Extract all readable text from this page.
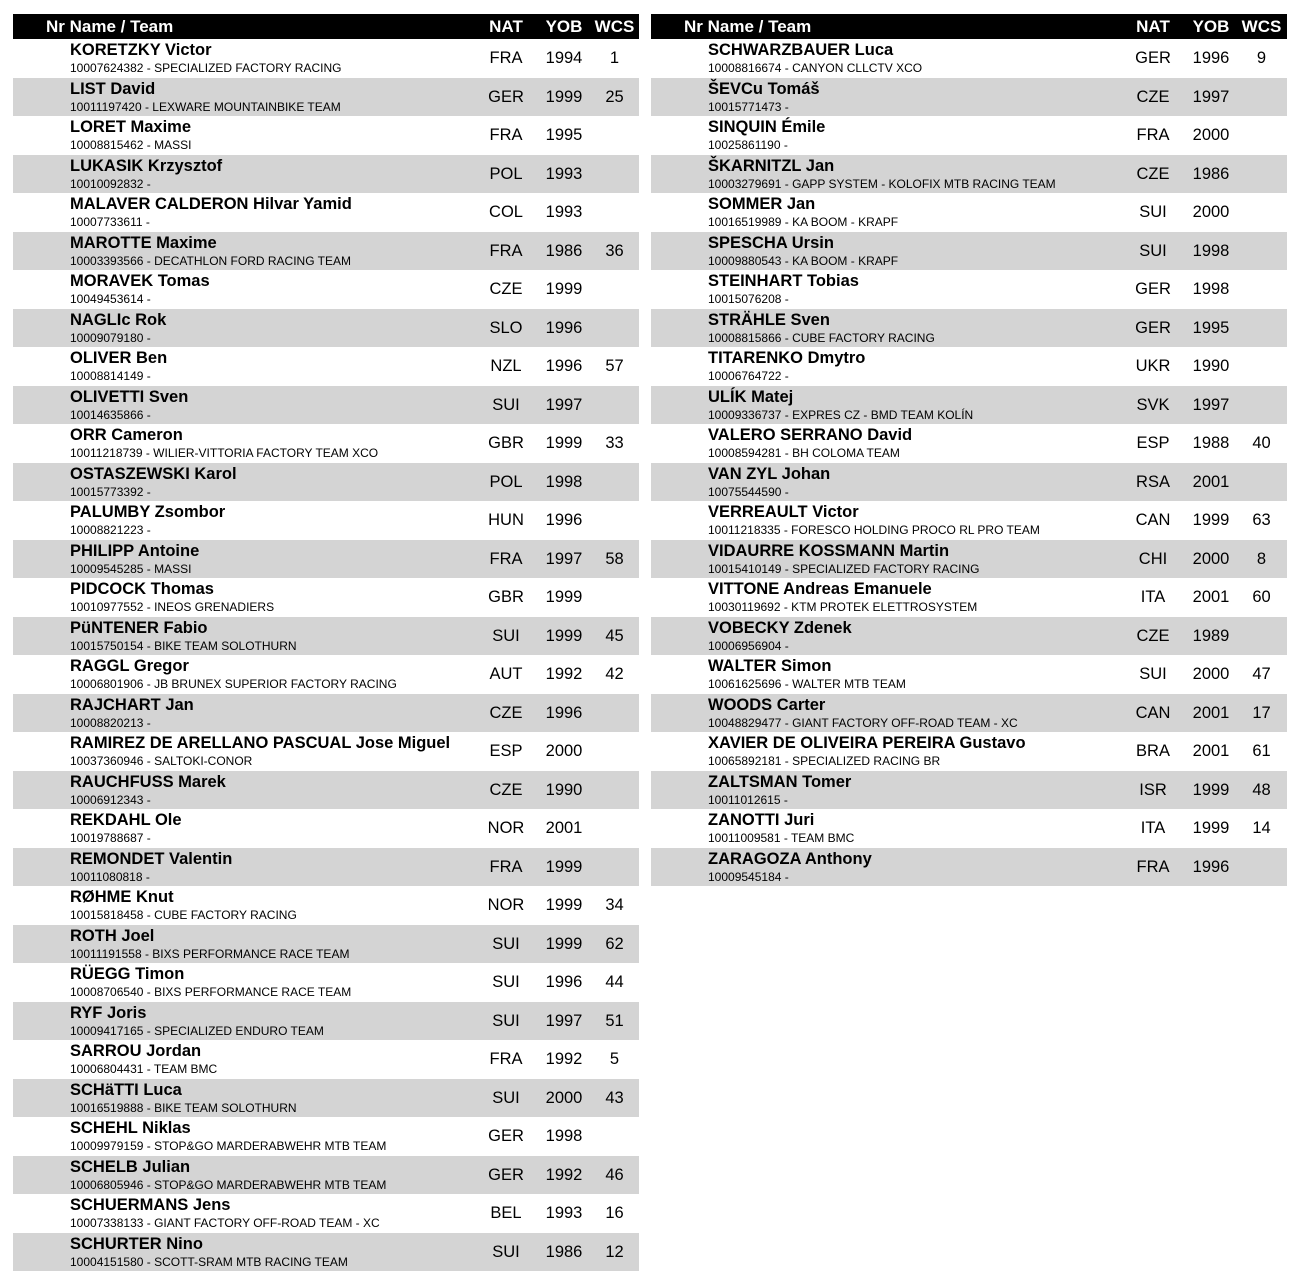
Nr Name / Team	NAT	YOB WCS
KORETZKY Victor
10007624382 - SPECIALIZED FACTORY RACING
FRA	1994	1
LIST David
10011197420 - LEXWARE MOUNTAINBIKE TEAM
GER	1999	25
LORET Maxime
10008815462 - MASSI
FRA	1995
LUKASIK Krzysztof
10010092832 -
POL	1993
MALAVER CALDERON Hilvar Yamid
10007733611 -
COL	1993
MAROTTE Maxime
10003393566 - DECATHLON FORD RACING TEAM
FRA	1986	36
MORAVEK Tomas
10049453614 -
CZE	1999
NAGLIc Rok
10009079180 -
SLO	1996
OLIVER Ben
10008814149 -
NZL	1996	57
OLIVETTI Sven
10014635866 -
SUI	1997
ORR Cameron
10011218739 - WILIER-VITTORIA FACTORY TEAM XCO
GBR	1999	33
OSTASZEWSKI Karol
10015773392 -
POL	1998
PALUMBY Zsombor
10008821223 -
HUN	1996
PHILIPP Antoine
10009545285 - MASSI
FRA	1997	58
PIDCOCK Thomas
10010977552 - INEOS GRENADIERS
GBR	1999
PüNTENER Fabio
10015750154 - BIKE TEAM SOLOTHURN
SUI	1999	45
RAGGL Gregor
10006801906 - JB BRUNEX SUPERIOR FACTORY RACING
AUT	1992	42
RAJCHART Jan
10008820213 -
CZE	1996
RAMIREZ DE ARELLANO PASCUAL Jose Miguel
10037360946 - SALTOKI-CONOR
ESP	2000
RAUCHFUSS Marek
10006912343 -
CZE	1990
REKDAHL Ole
10019788687 -
NOR	2001
REMONDET Valentin
10011080818 -
FRA	1999
RØHME Knut
10015818458 - CUBE FACTORY RACING
NOR	1999	34
ROTH Joel
10011191558 - BIXS PERFORMANCE RACE TEAM
SUI	1999	62
RÜEGG Timon
10008706540 - BIXS PERFORMANCE RACE TEAM
SUI	1996	44
RYF Joris
10009417165 - SPECIALIZED ENDURO TEAM
SUI	1997	51
SARROU Jordan
10006804431 - TEAM BMC
FRA	1992	5
SCHäTTI Luca
10016519888 - BIKE TEAM SOLOTHURN
SUI	2000	43
SCHEHL Niklas
10009979159 - STOP&GO MARDERABWEHR MTB TEAM
GER	1998
SCHELB Julian
10006805946 - STOP&GO MARDERABWEHR MTB TEAM
GER	1992	46
SCHUERMANS Jens
10007338133 - GIANT FACTORY OFF-ROAD TEAM - XC
BEL	1993	16
SCHURTER Nino
10004151580 - SCOTT-SRAM MTB RACING TEAM
SUI	1986	12
Nr Name / Team	NAT	YOB WCS
SCHWARZBAUER Luca
10008816674 - CANYON CLLCTV XCO
GER	1996	9
ŠEVCu Tomáš
10015771473 -
CZE	1997
SINQUIN Émile
10025861190 -
FRA	2000
ŠKARNITZL Jan
10003279691 - GAPP SYSTEM - KOLOFIX MTB RACING TEAM
CZE	1986
SOMMER Jan
10016519989 - KA BOOM - KRAPF
SUI	2000
SPESCHA Ursin
10009880543 - KA BOOM - KRAPF
SUI	1998
STEINHART Tobias
10015076208 -
GER	1998
STRÄHLE Sven
10008815866 - CUBE FACTORY RACING
GER	1995
TITARENKO Dmytro
10006764722 -
UKR	1990
ULÍK Matej
10009336737 - EXPRES CZ - BMD TEAM KOLÍN
SVK	1997
VALERO SERRANO David
10008594281 - BH COLOMA TEAM
ESP	1988	40
VAN ZYL Johan
10075544590 -
RSA	2001
VERREAULT Victor
10011218335 - FORESCO HOLDING PROCO RL PRO TEAM
CAN	1999	63
VIDAURRE KOSSMANN Martin
10015410149 - SPECIALIZED FACTORY RACING
CHI	2000	8
VITTONE Andreas Emanuele
10030119692 - KTM PROTEK ELETTROSYSTEM
ITA	2001	60
VOBECKY Zdenek
10006956904 -
CZE	1989
WALTER Simon
10061625696 - WALTER MTB TEAM
SUI	2000	47
WOODS Carter
10048829477 - GIANT FACTORY OFF-ROAD TEAM - XC
CAN	2001	17
XAVIER DE OLIVEIRA PEREIRA Gustavo
10065892181 - SPECIALIZED RACING BR
BRA	2001	61
ZALTSMAN Tomer
10011012615 -
ISR	1999	48
ZANOTTI Juri
10011009581 - TEAM BMC
ITA	1999	14
ZARAGOZA Anthony
10009545184 -
FRA	1996
